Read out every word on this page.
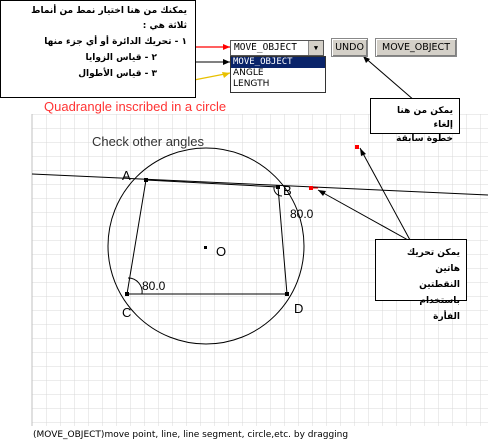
Quadrangle inscribed in a circle
Check other angles
A
B
C	D
O
80.0
80.0
MOVE_OBJECT	▼
MOVE_OBJECT
ANGLE
LENGTH
UNDO	MOVE_OBJECT
يمكنك من هنا اختيار نمط من أنماط
ثلاثة هي :
١ - تحريك الدائرة أو أي جزء منها
٢ - قياس الزوايا
٣ - قياس الأطوال
يمكن من هنا إلغاء
خطوة سابقة
يمكن تحريك هاتين
النقطتين باستخدام
الفأرة
(MOVE_OBJECT)move point, line, line segment, circle,etc. by dragging
